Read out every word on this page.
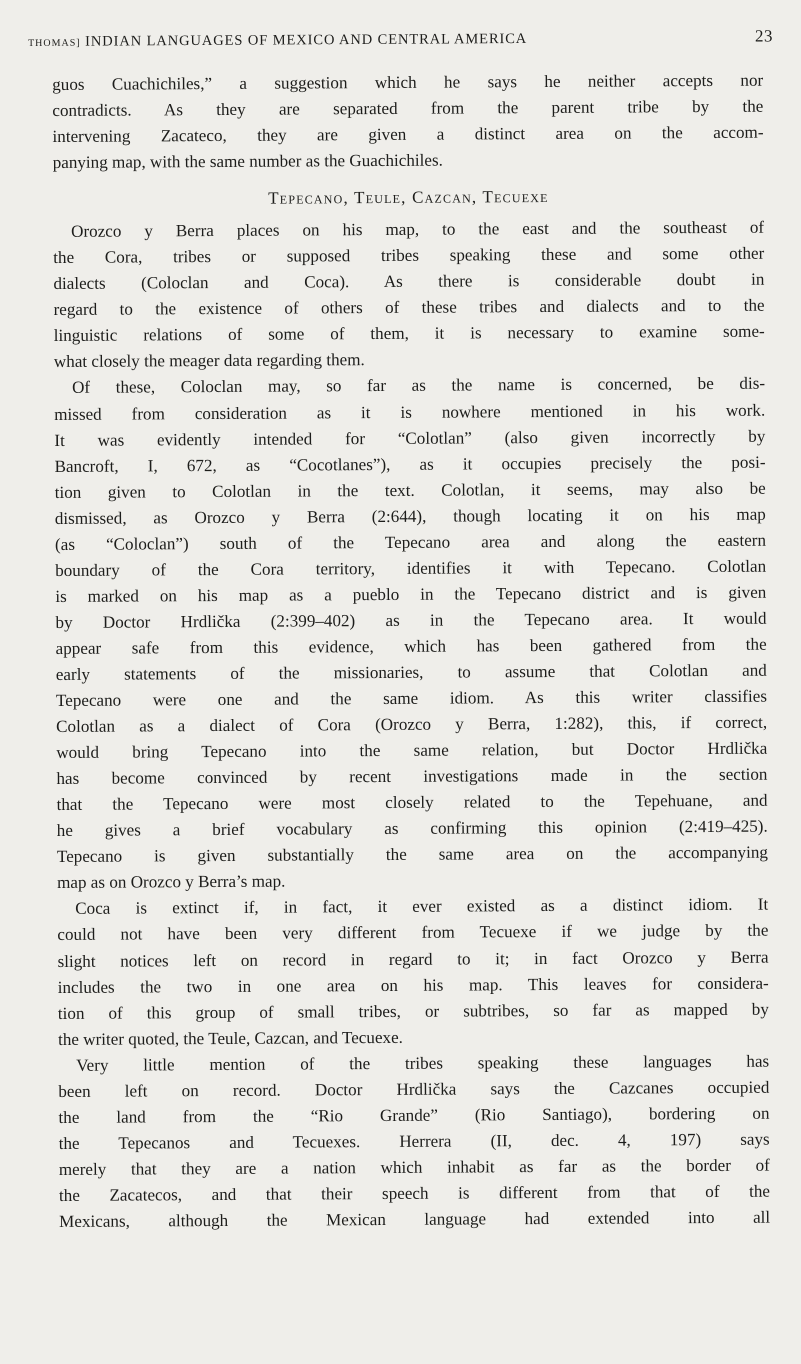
THOMAS] INDIAN LANGUAGES OF MEXICO AND CENTRAL AMERICA	23

guos Cuachichiles,” a suggestion which he says he neither accepts nor

contradicts. As they are separated from the parent tribe by the

intervening Zacateco, they are given a distinct area on the accom-

panying map, with the same number as the Guachichiles.

Tepecano, Teule, Cazcan, Tecuexe

Orozco y Berra places on his map, to the east and the southeast of

the Cora, tribes or supposed tribes speaking these and some other

dialects (Coloclan and Coca). As there is considerable doubt in

regard to the existence of others of these tribes and dialects and to the

linguistic relations of some of them, it is necessary to examine some-

what closely the meager data regarding them.

Of these, Coloclan may, so far as the name is concerned, be dis-

missed from consideration as it is nowhere mentioned in his work.

It was evidently intended for “Colotlan” (also given incorrectly by

Bancroft, I, 672, as “Cocotlanes”), as it occupies precisely the posi-

tion given to Colotlan in the text. Colotlan, it seems, may also be

dismissed, as Orozco y Berra (2:644), though locating it on his map

(as “Coloclan”) south of the Tepecano area and along the eastern

boundary of the Cora territory, identifies it with Tepecano. Colotlan

is marked on his map as a pueblo in the Tepecano district and is given

by Doctor Hrdlička (2:399–402) as in the Tepecano area. It would

appear safe from this evidence, which has been gathered from the

early statements of the missionaries, to assume that Colotlan and

Tepecano were one and the same idiom. As this writer classifies

Colotlan as a dialect of Cora (Orozco y Berra, 1:282), this, if correct,

would bring Tepecano into the same relation, but Doctor Hrdlička

has become convinced by recent investigations made in the section

that the Tepecano were most closely related to the Tepehuane, and

he gives a brief vocabulary as confirming this opinion (2:419–425).

Tepecano is given substantially the same area on the accompanying

map as on Orozco y Berra’s map.

Coca is extinct if, in fact, it ever existed as a distinct idiom. It

could not have been very different from Tecuexe if we judge by the

slight notices left on record in regard to it; in fact Orozco y Berra

includes the two in one area on his map. This leaves for considera-

tion of this group of small tribes, or subtribes, so far as mapped by

the writer quoted, the Teule, Cazcan, and Tecuexe.

Very little mention of the tribes speaking these languages has

been left on record. Doctor Hrdlička says the Cazcanes occupied

the land from the “Rio Grande” (Rio Santiago), bordering on

the Tepecanos and Tecuexes. Herrera (II, dec. 4, 197) says

merely that they are a nation which inhabit as far as the border of

the Zacatecos, and that their speech is different from that of the

Mexicans, although the Mexican language had extended into all
